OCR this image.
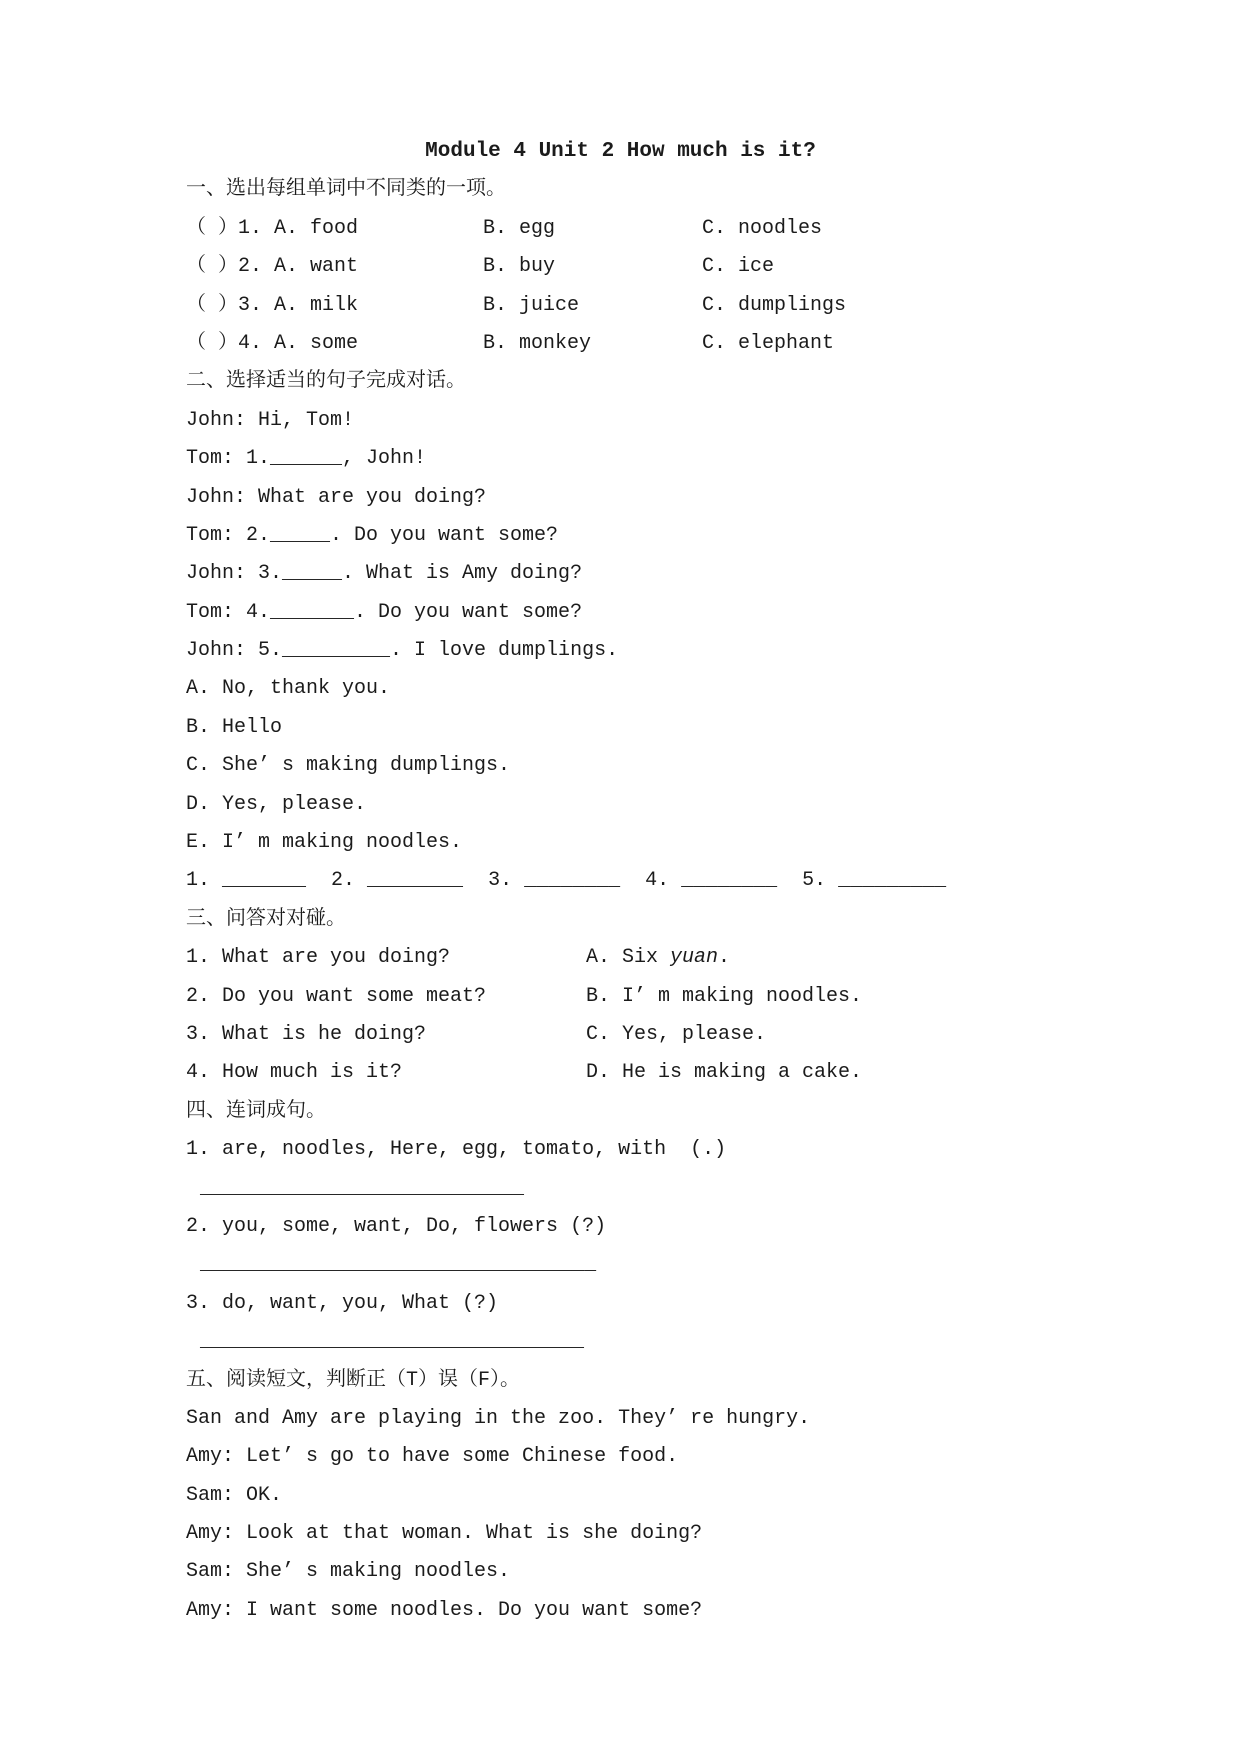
Module 4 Unit 2 How much is it?
一、选出每组单词中不同类的一项。
（ ）1. A. food	B. egg	C. noodles
（ ）2. A. want	B. buy	C. ice
（ ）3. A. milk	B. juice	C. dumplings
（ ）4. A. some	B. monkey	C. elephant
二、选择适当的句子完成对话。
John: Hi, Tom!
Tom: 1.______, John!
John: What are you doing?
Tom: 2._____. Do you want some?
John: 3._____. What is Amy doing?
Tom: 4._______. Do you want some?
John: 5._________. I love dumplings.
A. No, thank you.
B. Hello
C. She’ s making dumplings.
D. Yes, please.
E. I’ m making noodles.
1. _______ 2. ________ 3. ________ 4. ________ 5. _________
三、问答对对碰。
1. What are you doing?	A. Six yuan.
2. Do you want some meat?	B. I’ m making noodles.
3. What is he doing?	C. Yes, please.
4. How much is it?	D. He is making a cake.
四、连词成句。
1. are, noodles, Here, egg, tomato, with  (.)
___________________________
2. you, some, want, Do, flowers (?)
_________________________________
3. do, want, you, What (?)
________________________________
五、阅读短文，判断正（T）误（F）。
San and Amy are playing in the zoo. They’ re hungry.
Amy: Let’ s go to have some Chinese food.
Sam: OK.
Amy: Look at that woman. What is she doing?
Sam: She’ s making noodles.
Amy: I want some noodles. Do you want some?
